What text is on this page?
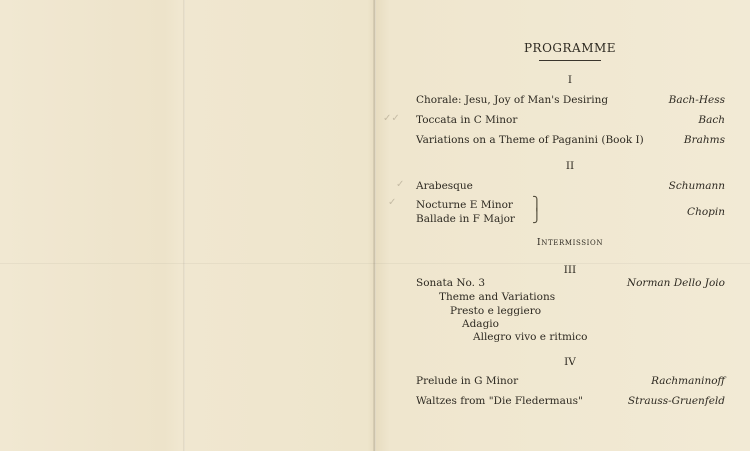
✓✓
✓
✓
PROGRAMME
I
Chorale: Jesu, Joy of Man's Desiring	Bach-Hess
Toccata in C Minor	Bach
Variations on a Theme of Paganini (Book I)	Brahms
II
Arabesque	Schumann
Nocturne E Minor
Ballade in F Major
⎫
⎭	Chopin
Intermission
III
Sonata No. 3	Norman Dello Joio
Theme and Variations
Presto e leggiero
Adagio
Allegro vivo e ritmico
IV
Prelude in G Minor	Rachmaninoff
Waltzes from "Die Fledermaus"	Strauss-Gruenfeld
